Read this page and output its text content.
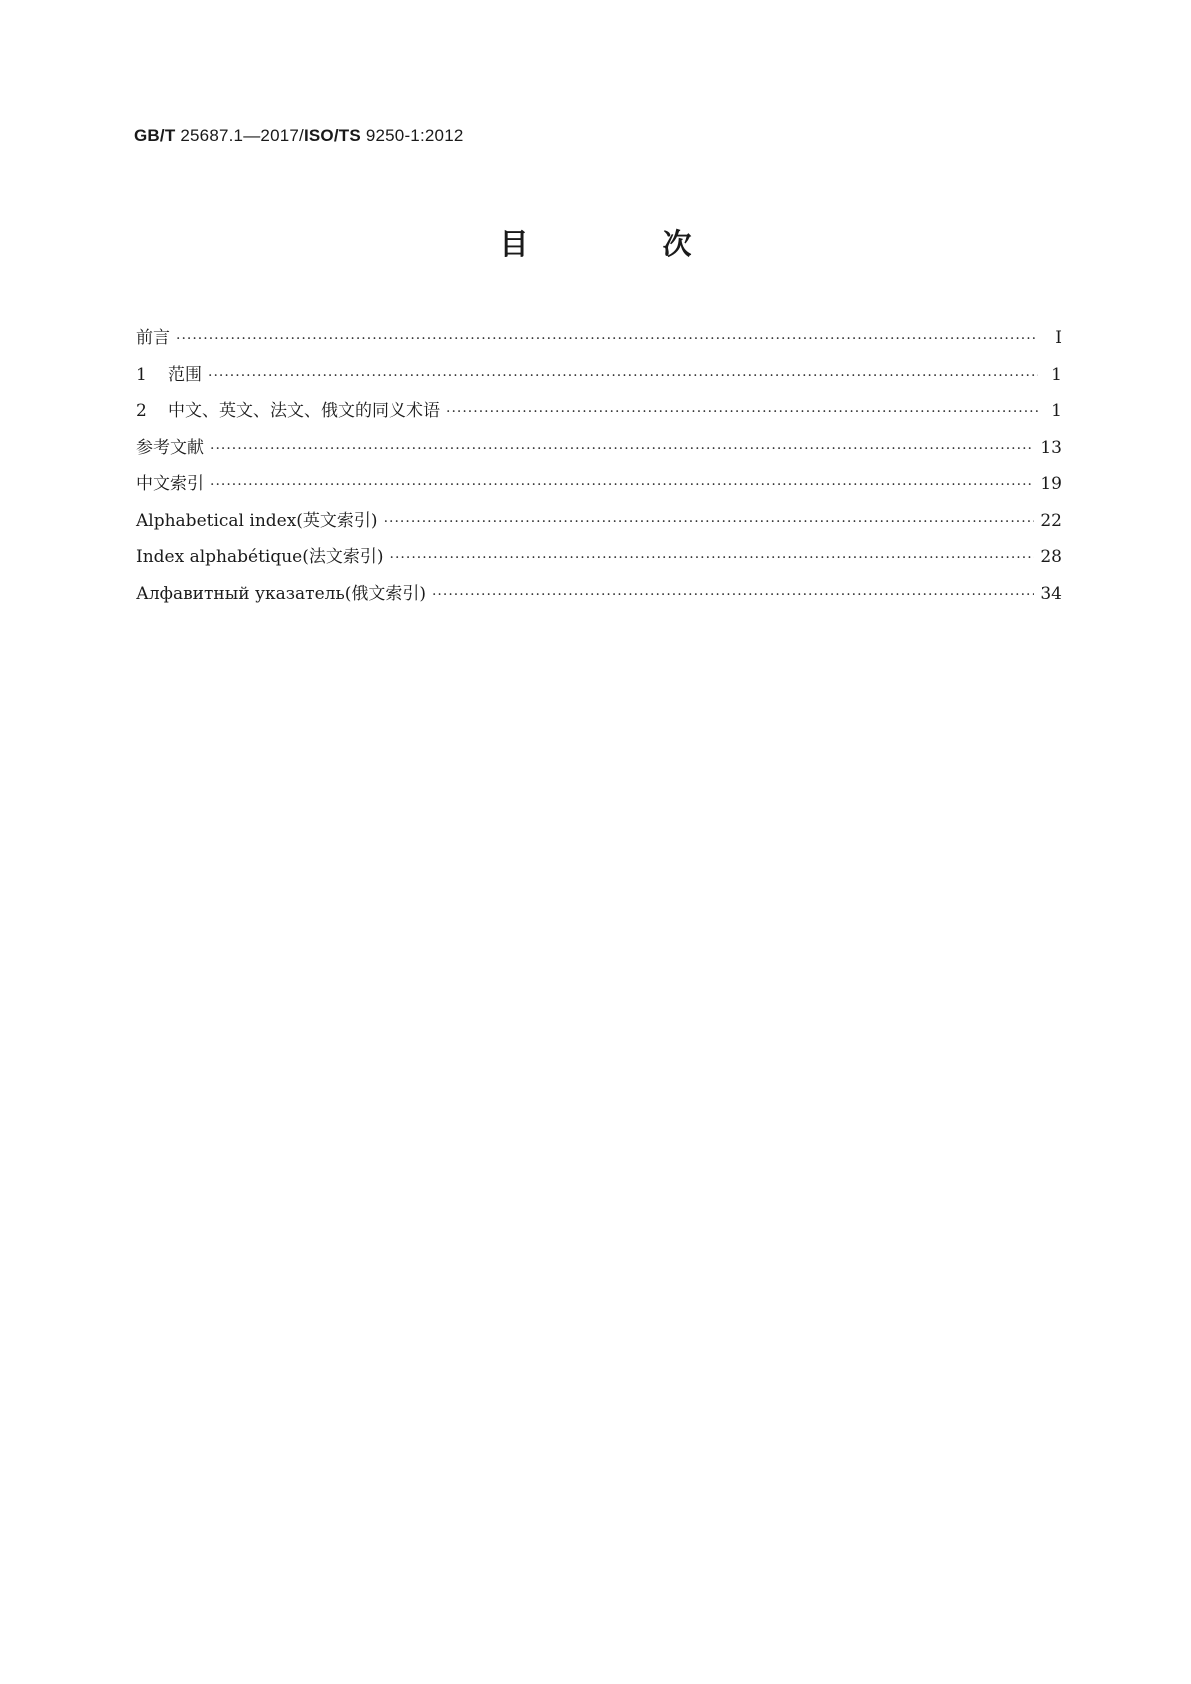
GB/T 25687.1—2017/ISO/TS 9250-1:2012
目 次
前言 ·····	Ⅰ
1	范围 ·····	1
2	中文、英文、法文、俄文的同义术语 ·····	1
参考文献 ·····	13
中文索引 ·····	19
Alphabetical index(英文索引) ·····	22
Index alphabétique(法文索引) ·····	28
Алфавитный указатель(俄文索引) ·····	34
